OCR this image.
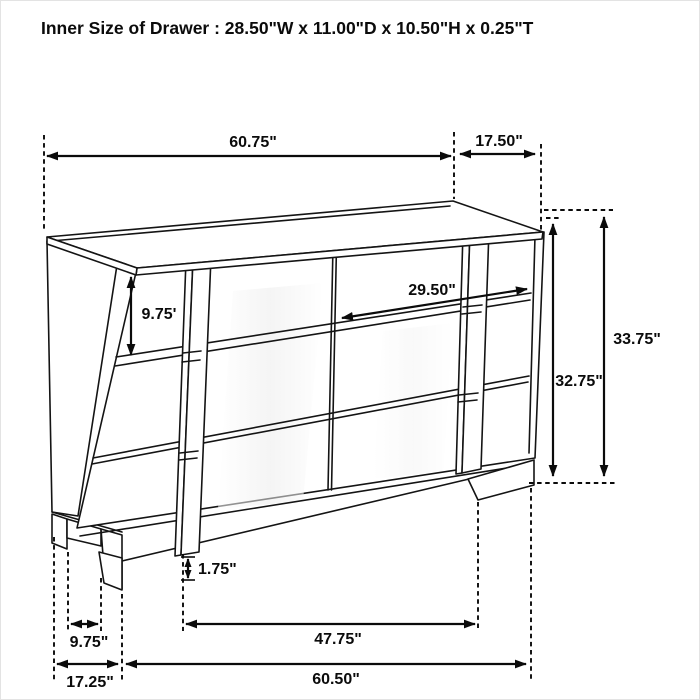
Inner Size of Drawer : 28.50"W x 11.00"D x 10.50"H x 0.25"T
60.75"	17.50"
29.50"
9.75'
33.75"
32.75"
1.75"
9.75"
17.25"
47.75"
60.50"
